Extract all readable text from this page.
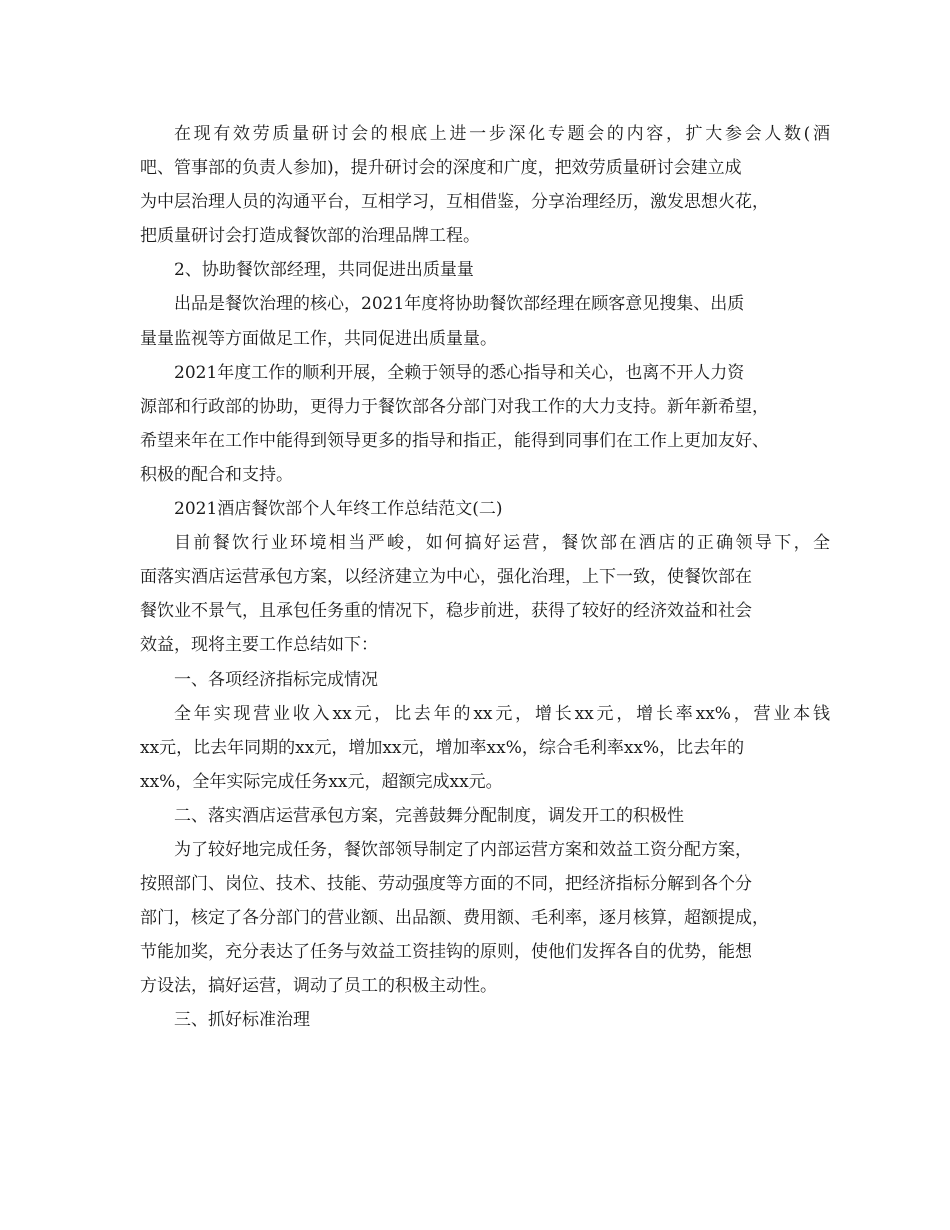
在现有效劳质量研讨会的根底上进一步深化专题会的内容，扩大参会人数(酒
吧、管事部的负责人参加)，提升研讨会的深度和广度，把效劳质量研讨会建立成
为中层治理人员的沟通平台，互相学习，互相借鉴，分享治理经历，激发思想火花，
把质量研讨会打造成餐饮部的治理品牌工程。
2、协助餐饮部经理，共同促进出质量量
出品是餐饮治理的核心，2021年度将协助餐饮部经理在顾客意见搜集、出质
量量监视等方面做足工作，共同促进出质量量。
2021年度工作的顺利开展，全赖于领导的悉心指导和关心，也离不开人力资
源部和行政部的协助，更得力于餐饮部各分部门对我工作的大力支持。新年新希望，
希望来年在工作中能得到领导更多的指导和指正，能得到同事们在工作上更加友好、
积极的配合和支持。
2021酒店餐饮部个人年终工作总结范文(二)
目前餐饮行业环境相当严峻，如何搞好运营，餐饮部在酒店的正确领导下，全
面落实酒店运营承包方案，以经济建立为中心，强化治理，上下一致，使餐饮部在
餐饮业不景气，且承包任务重的情况下，稳步前进，获得了较好的经济效益和社会
效益，现将主要工作总结如下：
一、各项经济指标完成情况
全年实现营业收入xx元，比去年的xx元，增长xx元，增长率xx%，营业本钱
xx元，比去年同期的xx元，增加xx元，增加率xx%，综合毛利率xx%，比去年的
xx%，全年实际完成任务xx元，超额完成xx元。
二、落实酒店运营承包方案，完善鼓舞分配制度，调发开工的积极性
为了较好地完成任务，餐饮部领导制定了内部运营方案和效益工资分配方案，
按照部门、岗位、技术、技能、劳动强度等方面的不同，把经济指标分解到各个分
部门，核定了各分部门的营业额、出品额、费用额、毛利率，逐月核算，超额提成，
节能加奖，充分表达了任务与效益工资挂钩的原则，使他们发挥各自的优势，能想
方设法，搞好运营，调动了员工的积极主动性。
三、抓好标准治理
